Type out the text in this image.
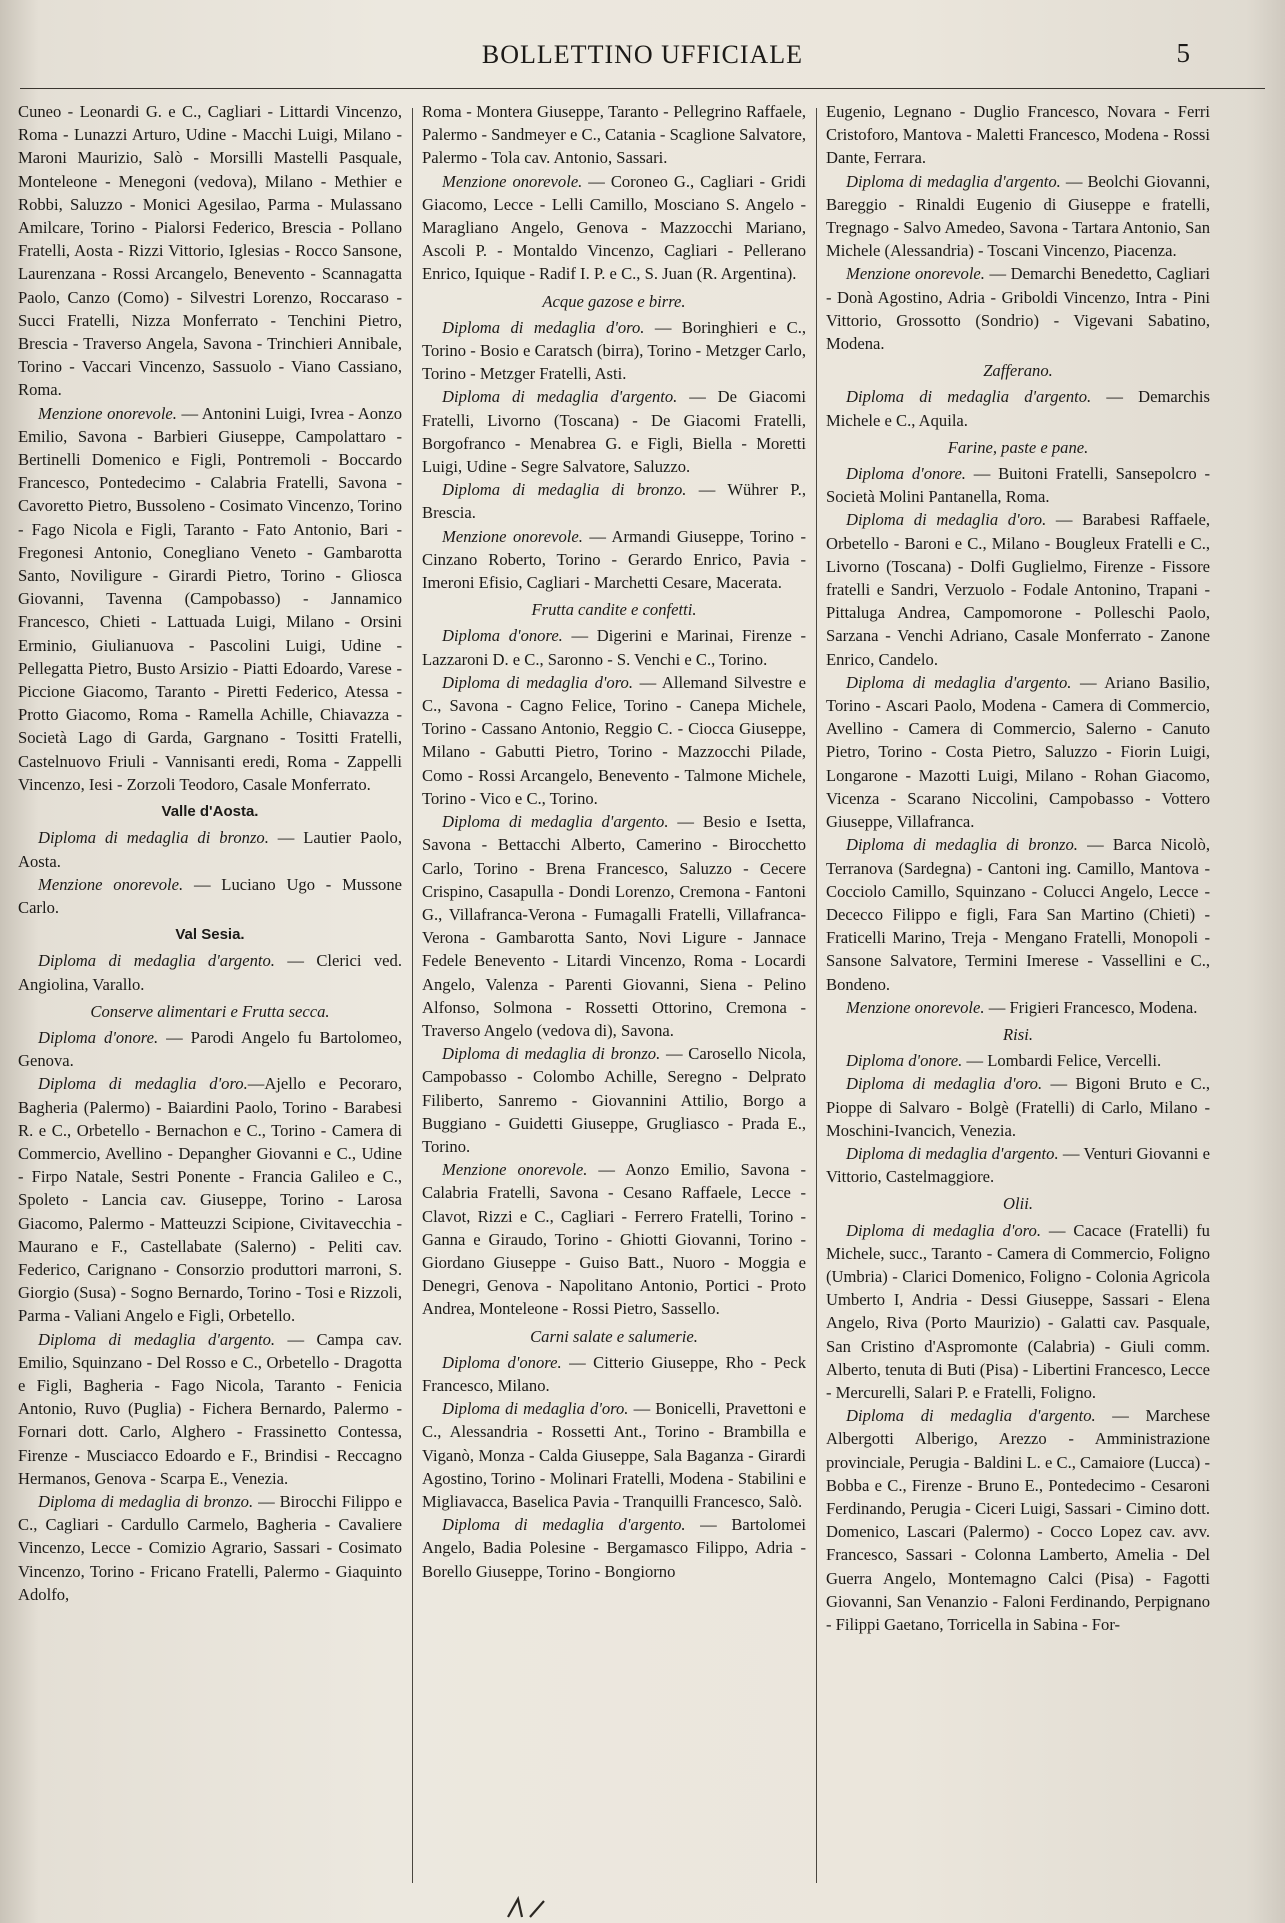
BOLLETTINO UFFICIALE	5

Cuneo - Leonardi G. e C., Cagliari - Littardi Vincenzo, Roma - Lunazzi Arturo, Udine - Macchi Luigi, Milano - Maroni Maurizio, Salò - Morsilli Mastelli Pasquale, Monteleone - Menegoni (vedova), Milano - Methier e Robbi, Saluzzo - Monici Agesilao, Parma - Mulassano Amilcare, Torino - Pialorsi Federico, Brescia - Pollano Fratelli, Aosta - Rizzi Vittorio, Iglesias - Rocco Sansone, Laurenzana - Rossi Arcangelo, Benevento - Scannagatta Paolo, Canzo (Como) - Silvestri Lorenzo, Roccaraso - Succi Fratelli, Nizza Monferrato - Tenchini Pietro, Brescia - Traverso Angela, Savona - Trinchieri Annibale, Torino - Vaccari Vincenzo, Sassuolo - Viano Cassiano, Roma.

Menzione onorevole. — Antonini Luigi, Ivrea - Aonzo Emilio, Savona - Barbieri Giuseppe, Campolattaro - Bertinelli Domenico e Figli, Pontremoli - Boccardo Francesco, Pontedecimo - Calabria Fratelli, Savona - Cavoretto Pietro, Bussoleno - Cosimato Vincenzo, Torino - Fago Nicola e Figli, Taranto - Fato Antonio, Bari - Fregonesi Antonio, Conegliano Veneto - Gambarotta Santo, Noviligure - Girardi Pietro, Torino - Gliosca Giovanni, Tavenna (Campobasso) - Jannamico Francesco, Chieti - Lattuada Luigi, Milano - Orsini Erminio, Giulianuova - Pascolini Luigi, Udine - Pellegatta Pietro, Busto Arsizio - Piatti Edoardo, Varese - Piccione Giacomo, Taranto - Piretti Federico, Atessa - Protto Giacomo, Roma - Ramella Achille, Chiavazza - Società Lago di Garda, Gargnano - Tositti Fratelli, Castelnuovo Friuli - Vannisanti eredi, Roma - Zappelli Vincenzo, Iesi - Zorzoli Teodoro, Casale Monferrato.

Valle d'Aosta.

Diploma di medaglia di bronzo. — Lautier Paolo, Aosta.

Menzione onorevole. — Luciano Ugo - Mussone Carlo.

Val Sesia.

Diploma di medaglia d'argento. — Clerici ved. Angiolina, Varallo.

Conserve alimentari e Frutta secca.

Diploma d'onore. — Parodi Angelo fu Bartolomeo, Genova.

Diploma di medaglia d'oro.—Ajello e Pecoraro, Bagheria (Palermo) - Baiardini Paolo, Torino - Barabesi R. e C., Orbetello - Bernachon e C., Torino - Camera di Commercio, Avellino - Depangher Giovanni e C., Udine - Firpo Natale, Sestri Ponente - Francia Galileo e C., Spoleto - Lancia cav. Giuseppe, Torino - Larosa Giacomo, Palermo - Matteuzzi Scipione, Civitavecchia - Maurano e F., Castellabate (Salerno) - Peliti cav. Federico, Carignano - Consorzio produttori marroni, S. Giorgio (Susa) - Sogno Bernardo, Torino - Tosi e Rizzoli, Parma - Valiani Angelo e Figli, Orbetello.

Diploma di medaglia d'argento. — Campa cav. Emilio, Squinzano - Del Rosso e C., Orbetello - Dragotta e Figli, Bagheria - Fago Nicola, Taranto - Fenicia Antonio, Ruvo (Puglia) - Fichera Bernardo, Palermo - Fornari dott. Carlo, Alghero - Frassinetto Contessa, Firenze - Musciacco Edoardo e F., Brindisi - Reccagno Hermanos, Genova - Scarpa E., Venezia.

Diploma di medaglia di bronzo. — Birocchi Filippo e C., Cagliari - Cardullo Carmelo, Bagheria - Cavaliere Vincenzo, Lecce - Comizio Agrario, Sassari - Cosimato Vincenzo, Torino - Fricano Fratelli, Palermo - Giaquinto Adolfo,

Roma - Montera Giuseppe, Taranto - Pellegrino Raffaele, Palermo - Sandmeyer e C., Catania - Scaglione Salvatore, Palermo - Tola cav. Antonio, Sassari.

Menzione onorevole. — Coroneo G., Cagliari - Gridi Giacomo, Lecce - Lelli Camillo, Mosciano S. Angelo - Maragliano Angelo, Genova - Mazzocchi Mariano, Ascoli P. - Montaldo Vincenzo, Cagliari - Pellerano Enrico, Iquique - Radif I. P. e C., S. Juan (R. Argentina).

Acque gazose e birre.

Diploma di medaglia d'oro. — Boringhieri e C., Torino - Bosio e Caratsch (birra), Torino - Metzger Carlo, Torino - Metzger Fratelli, Asti.

Diploma di medaglia d'argento. — De Giacomi Fratelli, Livorno (Toscana) - De Giacomi Fratelli, Borgofranco - Menabrea G. e Figli, Biella - Moretti Luigi, Udine - Segre Salvatore, Saluzzo.

Diploma di medaglia di bronzo. — Wührer P., Brescia.

Menzione onorevole. — Armandi Giuseppe, Torino - Cinzano Roberto, Torino - Gerardo Enrico, Pavia - Imeroni Efisio, Cagliari - Marchetti Cesare, Macerata.

Frutta candite e confetti.

Diploma d'onore. — Digerini e Marinai, Firenze - Lazzaroni D. e C., Saronno - S. Venchi e C., Torino.

Diploma di medaglia d'oro. — Allemand Silvestre e C., Savona - Cagno Felice, Torino - Canepa Michele, Torino - Cassano Antonio, Reggio C. - Ciocca Giuseppe, Milano - Gabutti Pietro, Torino - Mazzocchi Pilade, Como - Rossi Arcangelo, Benevento - Talmone Michele, Torino - Vico e C., Torino.

Diploma di medaglia d'argento. — Besio e Isetta, Savona - Bettacchi Alberto, Camerino - Birocchetto Carlo, Torino - Brena Francesco, Saluzzo - Cecere Crispino, Casapulla - Dondi Lorenzo, Cremona - Fantoni G., Villafranca-Verona - Fumagalli Fratelli, Villafranca-Verona - Gambarotta Santo, Novi Ligure - Jannace Fedele Benevento - Litardi Vincenzo, Roma - Locardi Angelo, Valenza - Parenti Giovanni, Siena - Pelino Alfonso, Solmona - Rossetti Ottorino, Cremona - Traverso Angelo (vedova di), Savona.

Diploma di medaglia di bronzo. — Carosello Nicola, Campobasso - Colombo Achille, Seregno - Delprato Filiberto, Sanremo - Giovannini Attilio, Borgo a Buggiano - Guidetti Giuseppe, Grugliasco - Prada E., Torino.

Menzione onorevole. — Aonzo Emilio, Savona - Calabria Fratelli, Savona - Cesano Raffaele, Lecce - Clavot, Rizzi e C., Cagliari - Ferrero Fratelli, Torino - Ganna e Giraudo, Torino - Ghiotti Giovanni, Torino - Giordano Giuseppe - Guiso Batt., Nuoro - Moggia e Denegri, Genova - Napolitano Antonio, Portici - Proto Andrea, Monteleone - Rossi Pietro, Sassello.

Carni salate e salumerie.

Diploma d'onore. — Citterio Giuseppe, Rho - Peck Francesco, Milano.

Diploma di medaglia d'oro. — Bonicelli, Pravettoni e C., Alessandria - Rossetti Ant., Torino - Brambilla e Viganò, Monza - Calda Giuseppe, Sala Baganza - Girardi Agostino, Torino - Molinari Fratelli, Modena - Stabilini e Migliavacca, Baselica Pavia - Tranquilli Francesco, Salò.

Diploma di medaglia d'argento. — Bartolomei Angelo, Badia Polesine - Bergamasco Filippo, Adria - Borello Giuseppe, Torino - Bongiorno

Eugenio, Legnano - Duglio Francesco, Novara - Ferri Cristoforo, Mantova - Maletti Francesco, Modena - Rossi Dante, Ferrara.

Diploma di medaglia d'argento. — Beolchi Giovanni, Bareggio - Rinaldi Eugenio di Giuseppe e fratelli, Tregnago - Salvo Amedeo, Savona - Tartara Antonio, San Michele (Alessandria) - Toscani Vincenzo, Piacenza.

Menzione onorevole. — Demarchi Benedetto, Cagliari - Donà Agostino, Adria - Griboldi Vincenzo, Intra - Pini Vittorio, Grossotto (Sondrio) - Vigevani Sabatino, Modena.

Zafferano.

Diploma di medaglia d'argento. — Demarchis Michele e C., Aquila.

Farine, paste e pane.

Diploma d'onore. — Buitoni Fratelli, Sansepolcro - Società Molini Pantanella, Roma.

Diploma di medaglia d'oro. — Barabesi Raffaele, Orbetello - Baroni e C., Milano - Bougleux Fratelli e C., Livorno (Toscana) - Dolfi Guglielmo, Firenze - Fissore fratelli e Sandri, Verzuolo - Fodale Antonino, Trapani - Pittaluga Andrea, Campomorone - Polleschi Paolo, Sarzana - Venchi Adriano, Casale Monferrato - Zanone Enrico, Candelo.

Diploma di medaglia d'argento. — Ariano Basilio, Torino - Ascari Paolo, Modena - Camera di Commercio, Avellino - Camera di Commercio, Salerno - Canuto Pietro, Torino - Costa Pietro, Saluzzo - Fiorin Luigi, Longarone - Mazotti Luigi, Milano - Rohan Giacomo, Vicenza - Scarano Niccolini, Campobasso - Vottero Giuseppe, Villafranca.

Diploma di medaglia di bronzo. — Barca Nicolò, Terranova (Sardegna) - Cantoni ing. Camillo, Mantova - Cocciolo Camillo, Squinzano - Colucci Angelo, Lecce - Dececco Filippo e figli, Fara San Martino (Chieti) - Fraticelli Marino, Treja - Mengano Fratelli, Monopoli - Sansone Salvatore, Termini Imerese - Vassellini e C., Bondeno.

Menzione onorevole. — Frigieri Francesco, Modena.

Risi.

Diploma d'onore. — Lombardi Felice, Vercelli.

Diploma di medaglia d'oro. — Bigoni Bruto e C., Pioppe di Salvaro - Bolgè (Fratelli) di Carlo, Milano - Moschini-Ivancich, Venezia.

Diploma di medaglia d'argento. — Venturi Giovanni e Vittorio, Castelmaggiore.

Olii.

Diploma di medaglia d'oro. — Cacace (Fratelli) fu Michele, succ., Taranto - Camera di Commercio, Foligno (Umbria) - Clarici Domenico, Foligno - Colonia Agricola Umberto I, Andria - Dessi Giuseppe, Sassari - Elena Angelo, Riva (Porto Maurizio) - Galatti cav. Pasquale, San Cristino d'Aspromonte (Calabria) - Giuli comm. Alberto, tenuta di Buti (Pisa) - Libertini Francesco, Lecce - Mercurelli, Salari P. e Fratelli, Foligno.

Diploma di medaglia d'argento. — Marchese Albergotti Alberigo, Arezzo - Amministrazione provinciale, Perugia - Baldini L. e C., Camaiore (Lucca) - Bobba e C., Firenze - Bruno E., Pontedecimo - Cesaroni Ferdinando, Perugia - Ciceri Luigi, Sassari - Cimino dott. Domenico, Lascari (Palermo) - Cocco Lopez cav. avv. Francesco, Sassari - Colonna Lamberto, Amelia - Del Guerra Angelo, Montemagno Calci (Pisa) - Fagotti Giovanni, San Venanzio - Faloni Ferdinando, Perpignano - Filippi Gaetano, Torricella in Sabina - For-
